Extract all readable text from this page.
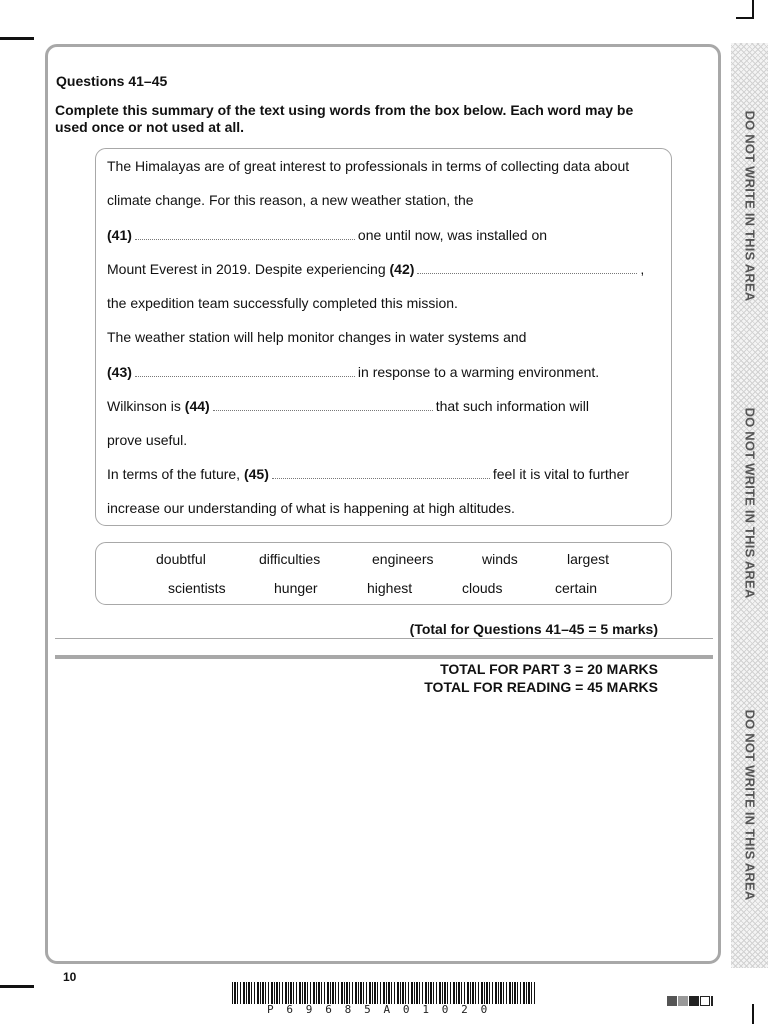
DO NOT WRITE IN THIS AREA
DO NOT WRITE IN THIS AREA
DO NOT WRITE IN THIS AREA
Questions 41–45
Complete this summary of the text using words from the box below. Each word may be used once or not used at all.
The Himalayas are of great interest to professionals in terms of collecting data about
climate change. For this reason, a new weather station, the
(41)	one until now, was installed on
Mount Everest in 2019. Despite experiencing (42)	,
the expedition team successfully completed this mission.
The weather station will help monitor changes in water systems and
(43)	in response to a warming environment.
Wilkinson is (44)	that such information will
prove useful.
In terms of the future, (45)	feel it is vital to further
increase our understanding of what is happening at high altitudes.
doubtful	difficulties	engineers	winds	largest
scientists	hunger	highest	clouds	certain
(Total for Questions 41–45 = 5 marks)
TOTAL FOR PART 3 = 20 MARKS
TOTAL FOR READING = 45 MARKS
10
P69685A01020
